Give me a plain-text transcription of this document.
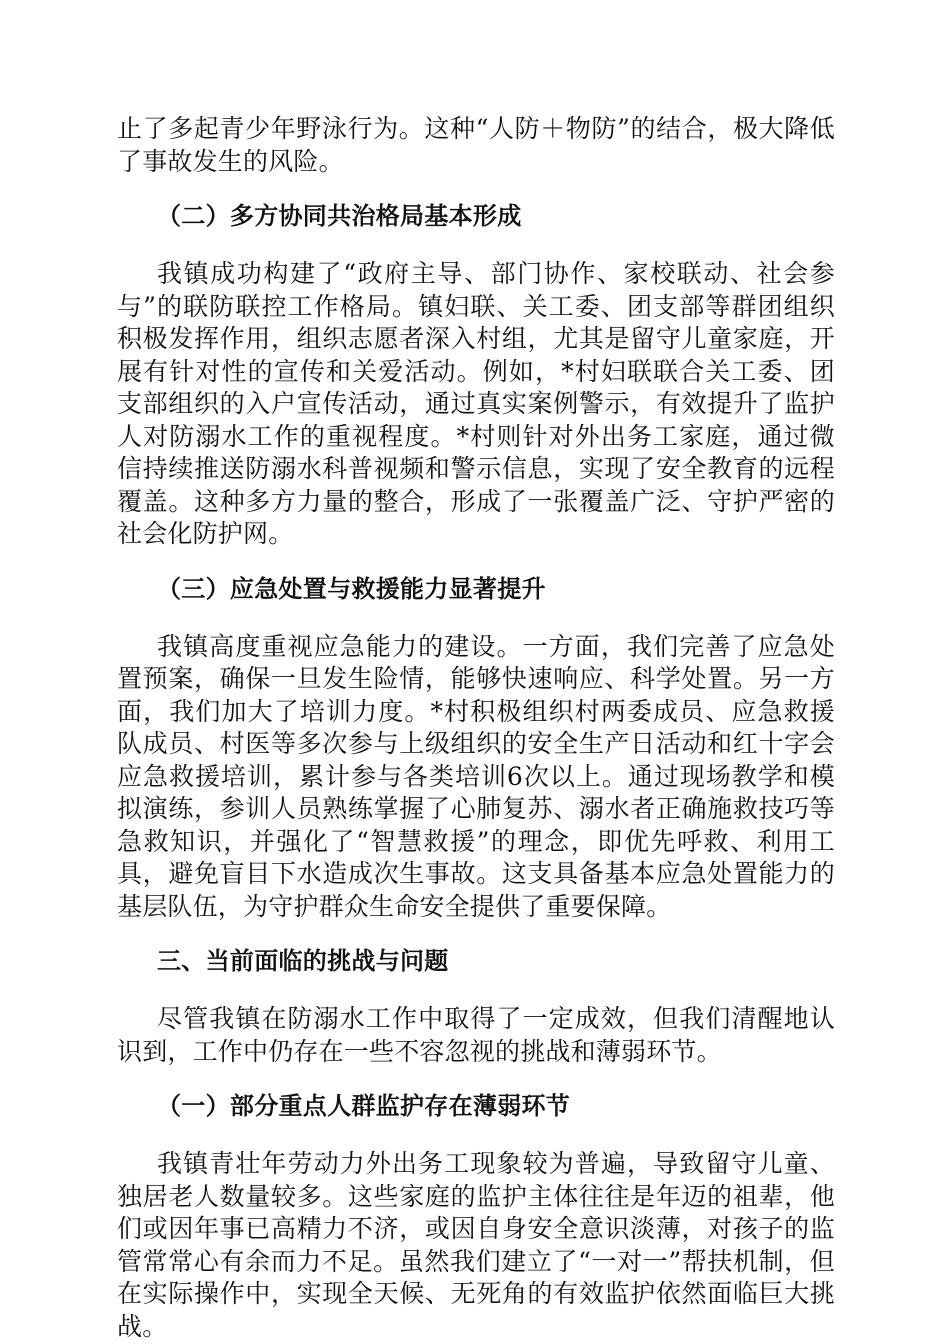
止了多起青少年野泳行为。这种“人防＋物防”的结合，极大降低了事故发生的风险。

（二）多方协同共治格局基本形成

我镇成功构建了“政府主导、部门协作、家校联动、社会参与”的联防联控工作格局。镇妇联、关工委、团支部等群团组织积极发挥作用，组织志愿者深入村组，尤其是留守儿童家庭，开展有针对性的宣传和关爱活动。例如，*村妇联联合关工委、团支部组织的入户宣传活动，通过真实案例警示，有效提升了监护人对防溺水工作的重视程度。*村则针对外出务工家庭，通过微信持续推送防溺水科普视频和警示信息，实现了安全教育的远程覆盖。这种多方力量的整合，形成了一张覆盖广泛、守护严密的社会化防护网。

（三）应急处置与救援能力显著提升

我镇高度重视应急能力的建设。一方面，我们完善了应急处置预案，确保一旦发生险情，能够快速响应、科学处置。另一方面，我们加大了培训力度。*村积极组织村两委成员、应急救援队成员、村医等多次参与上级组织的安全生产日活动和红十字会应急救援培训，累计参与各类培训6次以上。通过现场教学和模拟演练，参训人员熟练掌握了心肺复苏、溺水者正确施救技巧等急救知识，并强化了“智慧救援”的理念，即优先呼救、利用工具，避免盲目下水造成次生事故。这支具备基本应急处置能力的基层队伍，为守护群众生命安全提供了重要保障。

三、当前面临的挑战与问题

尽管我镇在防溺水工作中取得了一定成效，但我们清醒地认识到，工作中仍存在一些不容忽视的挑战和薄弱环节。

（一）部分重点人群监护存在薄弱环节

我镇青壮年劳动力外出务工现象较为普遍，导致留守儿童、独居老人数量较多。这些家庭的监护主体往往是年迈的祖辈，他们或因年事已高精力不济，或因自身安全意识淡薄，对孩子的监管常常心有余而力不足。虽然我们建立了“一对一”帮扶机制，但在实际操作中，实现全天候、无死角的有效监护依然面临巨大挑战。
